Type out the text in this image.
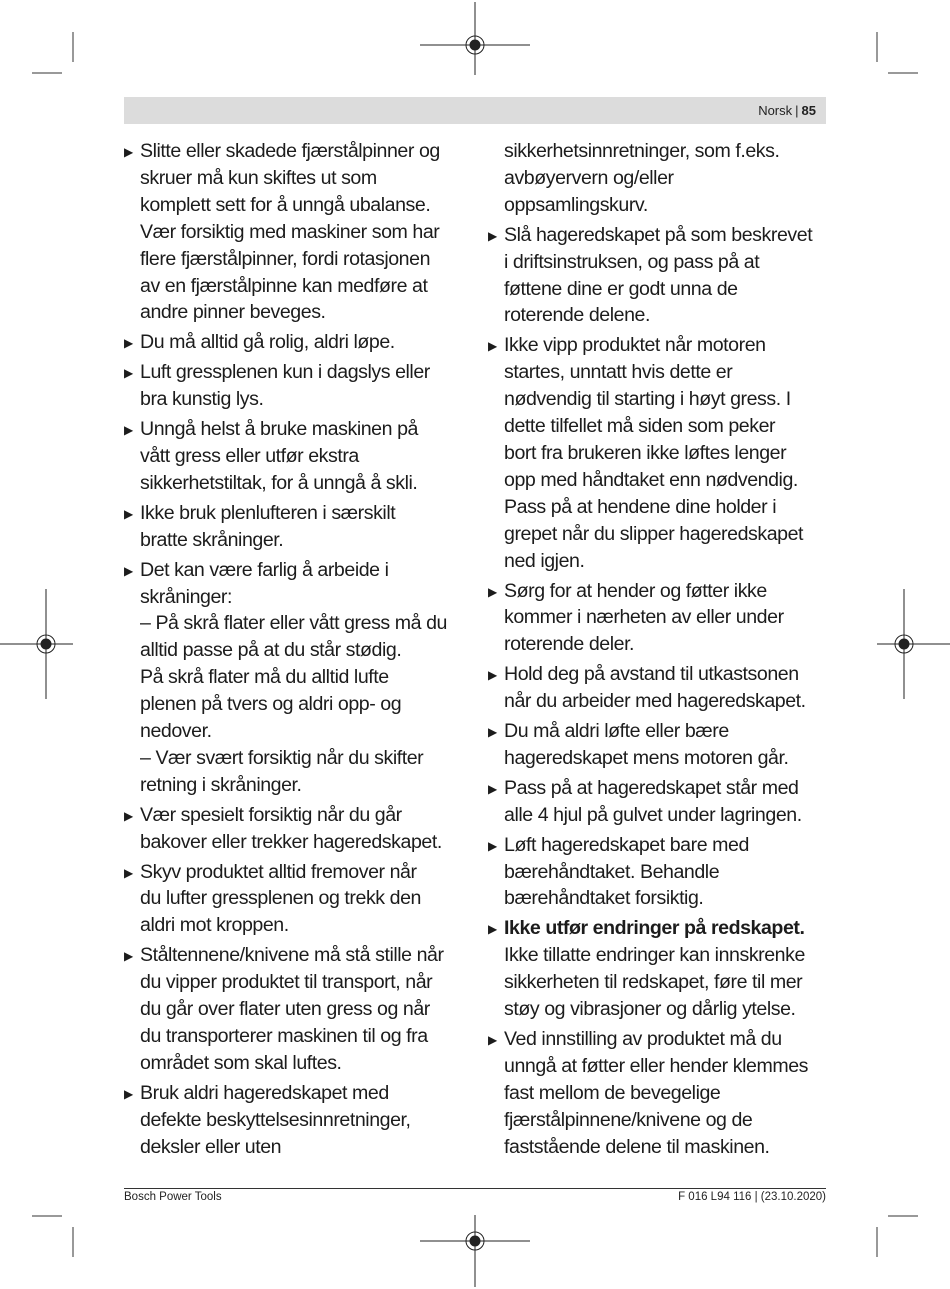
Norsk | 85
▶ Slitte eller skadede fjærstålpinner og
skruer må kun skiftes ut som
komplett sett for å unngå ubalanse.
Vær forsiktig med maskiner som har
flere fjærstålpinner, fordi rotasjonen
av en fjærstålpinne kan medføre at
andre pinner beveges.
▶ Du må alltid gå rolig, aldri løpe.
▶ Luft gressplenen kun i dagslys eller
bra kunstig lys.
▶ Unngå helst å bruke maskinen på
vått gress eller utfør ekstra
sikkerhetstiltak, for å unngå å skli.
▶ Ikke bruk plenlufteren i særskilt
bratte skråninger.
▶ Det kan være farlig å arbeide i
skråninger:
– På skrå flater eller vått gress må du
alltid passe på at du står stødig.
På skrå flater må du alltid lufte
plenen på tvers og aldri opp- og
nedover.
– Vær svært forsiktig når du skifter
retning i skråninger.
▶ Vær spesielt forsiktig når du går
bakover eller trekker hageredskapet.
▶ Skyv produktet alltid fremover når
du lufter gressplenen og trekk den
aldri mot kroppen.
▶ Ståltennene/knivene må stå stille når
du vipper produktet til transport, når
du går over flater uten gress og når
du transporterer maskinen til og fra
området som skal luftes.
▶ Bruk aldri hageredskapet med
defekte beskyttelsesinnretninger,
deksler eller uten
sikkerhetsinnretninger, som f.eks.
avbøyervern og/eller
oppsamlingskurv.
▶ Slå hageredskapet på som beskrevet
i driftsinstruksen, og pass på at
føttene dine er godt unna de
roterende delene.
▶ Ikke vipp produktet når motoren
startes, unntatt hvis dette er
nødvendig til starting i høyt gress. I
dette tilfellet må siden som peker
bort fra brukeren ikke løftes lenger
opp med håndtaket enn nødvendig.
Pass på at hendene dine holder i
grepet når du slipper hageredskapet
ned igjen.
▶ Sørg for at hender og føtter ikke
kommer i nærheten av eller under
roterende deler.
▶ Hold deg på avstand til utkastsonen
når du arbeider med hageredskapet.
▶ Du må aldri løfte eller bære
hageredskapet mens motoren går.
▶ Pass på at hageredskapet står med
alle 4 hjul på gulvet under lagringen.
▶ Løft hageredskapet bare med
bærehåndtaket. Behandle
bærehåndtaket forsiktig.
▶ Ikke utfør endringer på redskapet.
Ikke tillatte endringer kan innskrenke
sikkerheten til redskapet, føre til mer
støy og vibrasjoner og dårlig ytelse.
▶ Ved innstilling av produktet må du
unngå at føtter eller hender klemmes
fast mellom de bevegelige
fjærstålpinnene/knivene og de
faststående delene til maskinen.
Bosch Power Tools	F 016 L94 116 | (23.10.2020)
